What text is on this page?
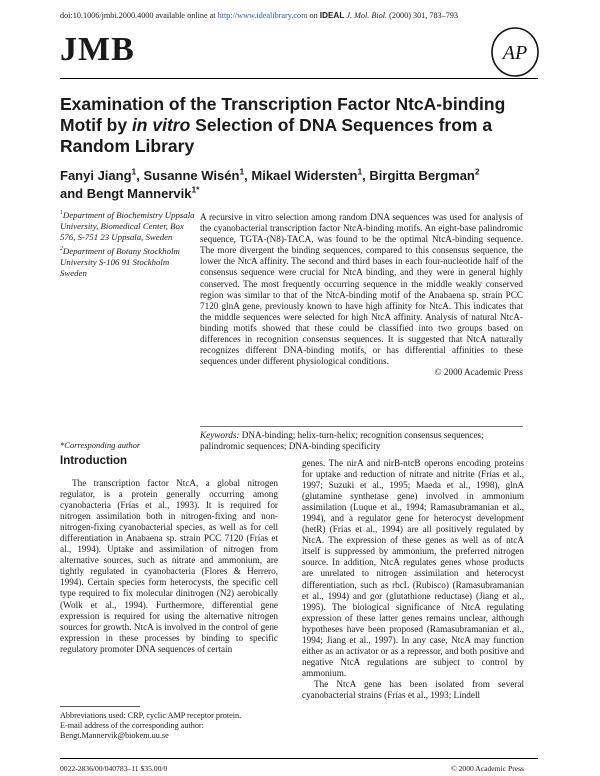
doi:10.1006/jmbi.2000.4000 available online at http://www.idealibrary.com on IDEAL J. Mol. Biol. (2000) 301, 783–793
JMB	AP
Examination of the Transcription Factor NtcA-binding Motif by in vitro Selection of DNA Sequences from a Random Library
Fanyi Jiang$^1$, Susanne Wisén$^1$, Mikael Widersten$^1$, Birgitta Bergman$^2$
and Bengt Mannervik$^{1*}$

$^1$Department of Biochemistry Uppsala University, Biomedical Center, Box 576, S-751 23 Uppsala, Sweden

$^2$Department of Botany Stockholm University S-106 91 Stockholm Sweden

*Corresponding author

A recursive in vitro selection among random DNA sequences was used for analysis of the cyanobacterial transcription factor NtcA-binding motifs. An eight-base palindromic sequence, TGTA-(N8)-TACA, was found to be the optimal NtcA-binding sequence. The more divergent the binding sequences, compared to this consensus sequence, the lower the NtcA affinity. The second and third bases in each four-nucleotide half of the consensus sequence were crucial for NtcA binding, and they were in general highly conserved. The most frequently occurring sequence in the middle weakly conserved region was similar to that of the NtcA-binding motif of the Anabaena sp. strain PCC 7120 glnA gene, previously known to have high affinity for NtcA. This indicates that the middle sequences were selected for high NtcA affinity. Analysis of natural NtcA-binding motifs showed that these could be classified into two groups based on differences in recognition consensus sequences. It is suggested that NtcA naturally recognizes different DNA-binding motifs, or has differential affinities to these sequences under different physiological conditions.

© 2000 Academic Press

Keywords: DNA-binding; helix-turn-helix; recognition consensus sequences; palindromic sequences; DNA-binding specificity
Introduction

The transcription factor NtcA, a global nitrogen regulator, is a protein generally occurring among cyanobacteria (Frías et al., 1993). It is required for nitrogen assimilation both in nitrogen-fixing and non-nitrogen-fixing cyanobacterial species, as well as for cell differentiation in Anabaena sp. strain PCC 7120 (Frías et al., 1994). Uptake and assimilation of nitrogen from alternative sources, such as nitrate and ammonium, are tightly regulated in cyanobacteria (Flores & Herrero, 1994). Certain species form heterocysts, the specific cell type required to fix molecular dinitrogen (N2) aerobically (Wolk et al., 1994). Furthermore, differential gene expression is required for using the alternative nitrogen sources for growth. NtcA is involved in the control of gene expression in these processes by binding to specific regulatory promoter DNA sequences of certain

genes. The nirA and nirB-ntcB operons encoding proteins for uptake and reduction of nitrate and nitrite (Frías et al., 1997; Suzuki et al., 1995; Maeda et al., 1998), glnA (glutamine synthetase gene) involved in ammonium assimilation (Luque et al., 1994; Ramasubramanian et al., 1994), and a regulator gene for heterocyst development (hetR) (Frías et al., 1994) are all positively regulated by NtcA. The expression of these genes as well as of ntcA itself is suppressed by ammonium, the preferred nitrogen source. In addition, NtcA regulates genes whose products are unrelated to nitrogen assimilation and heterocyst differentiation, such as rbcL (Rubisco) (Ramasubramanian et al., 1994) and gor (glutathione reductase) (Jiang et al., 1995). The biological significance of NtcA regulating expression of these latter genes remains unclear, although hypotheses have been proposed (Ramasubramanian et al., 1994; Jiang et al., 1997). In any case, NtcA may function either as an activator or as a repressor, and both positive and negative NtcA regulations are subject to control by ammonium.

The NtcA gene has been isolated from several cyanobacterial strains (Frías et al., 1993; Lindell

Abbreviations used: CRP, cyclic AMP receptor protein.

E-mail address of the corresponding author:

Bengt.Mannervik@biokem.uu.se

0022-2836/00/040783–11 $35.00/0	© 2000 Academic Press
